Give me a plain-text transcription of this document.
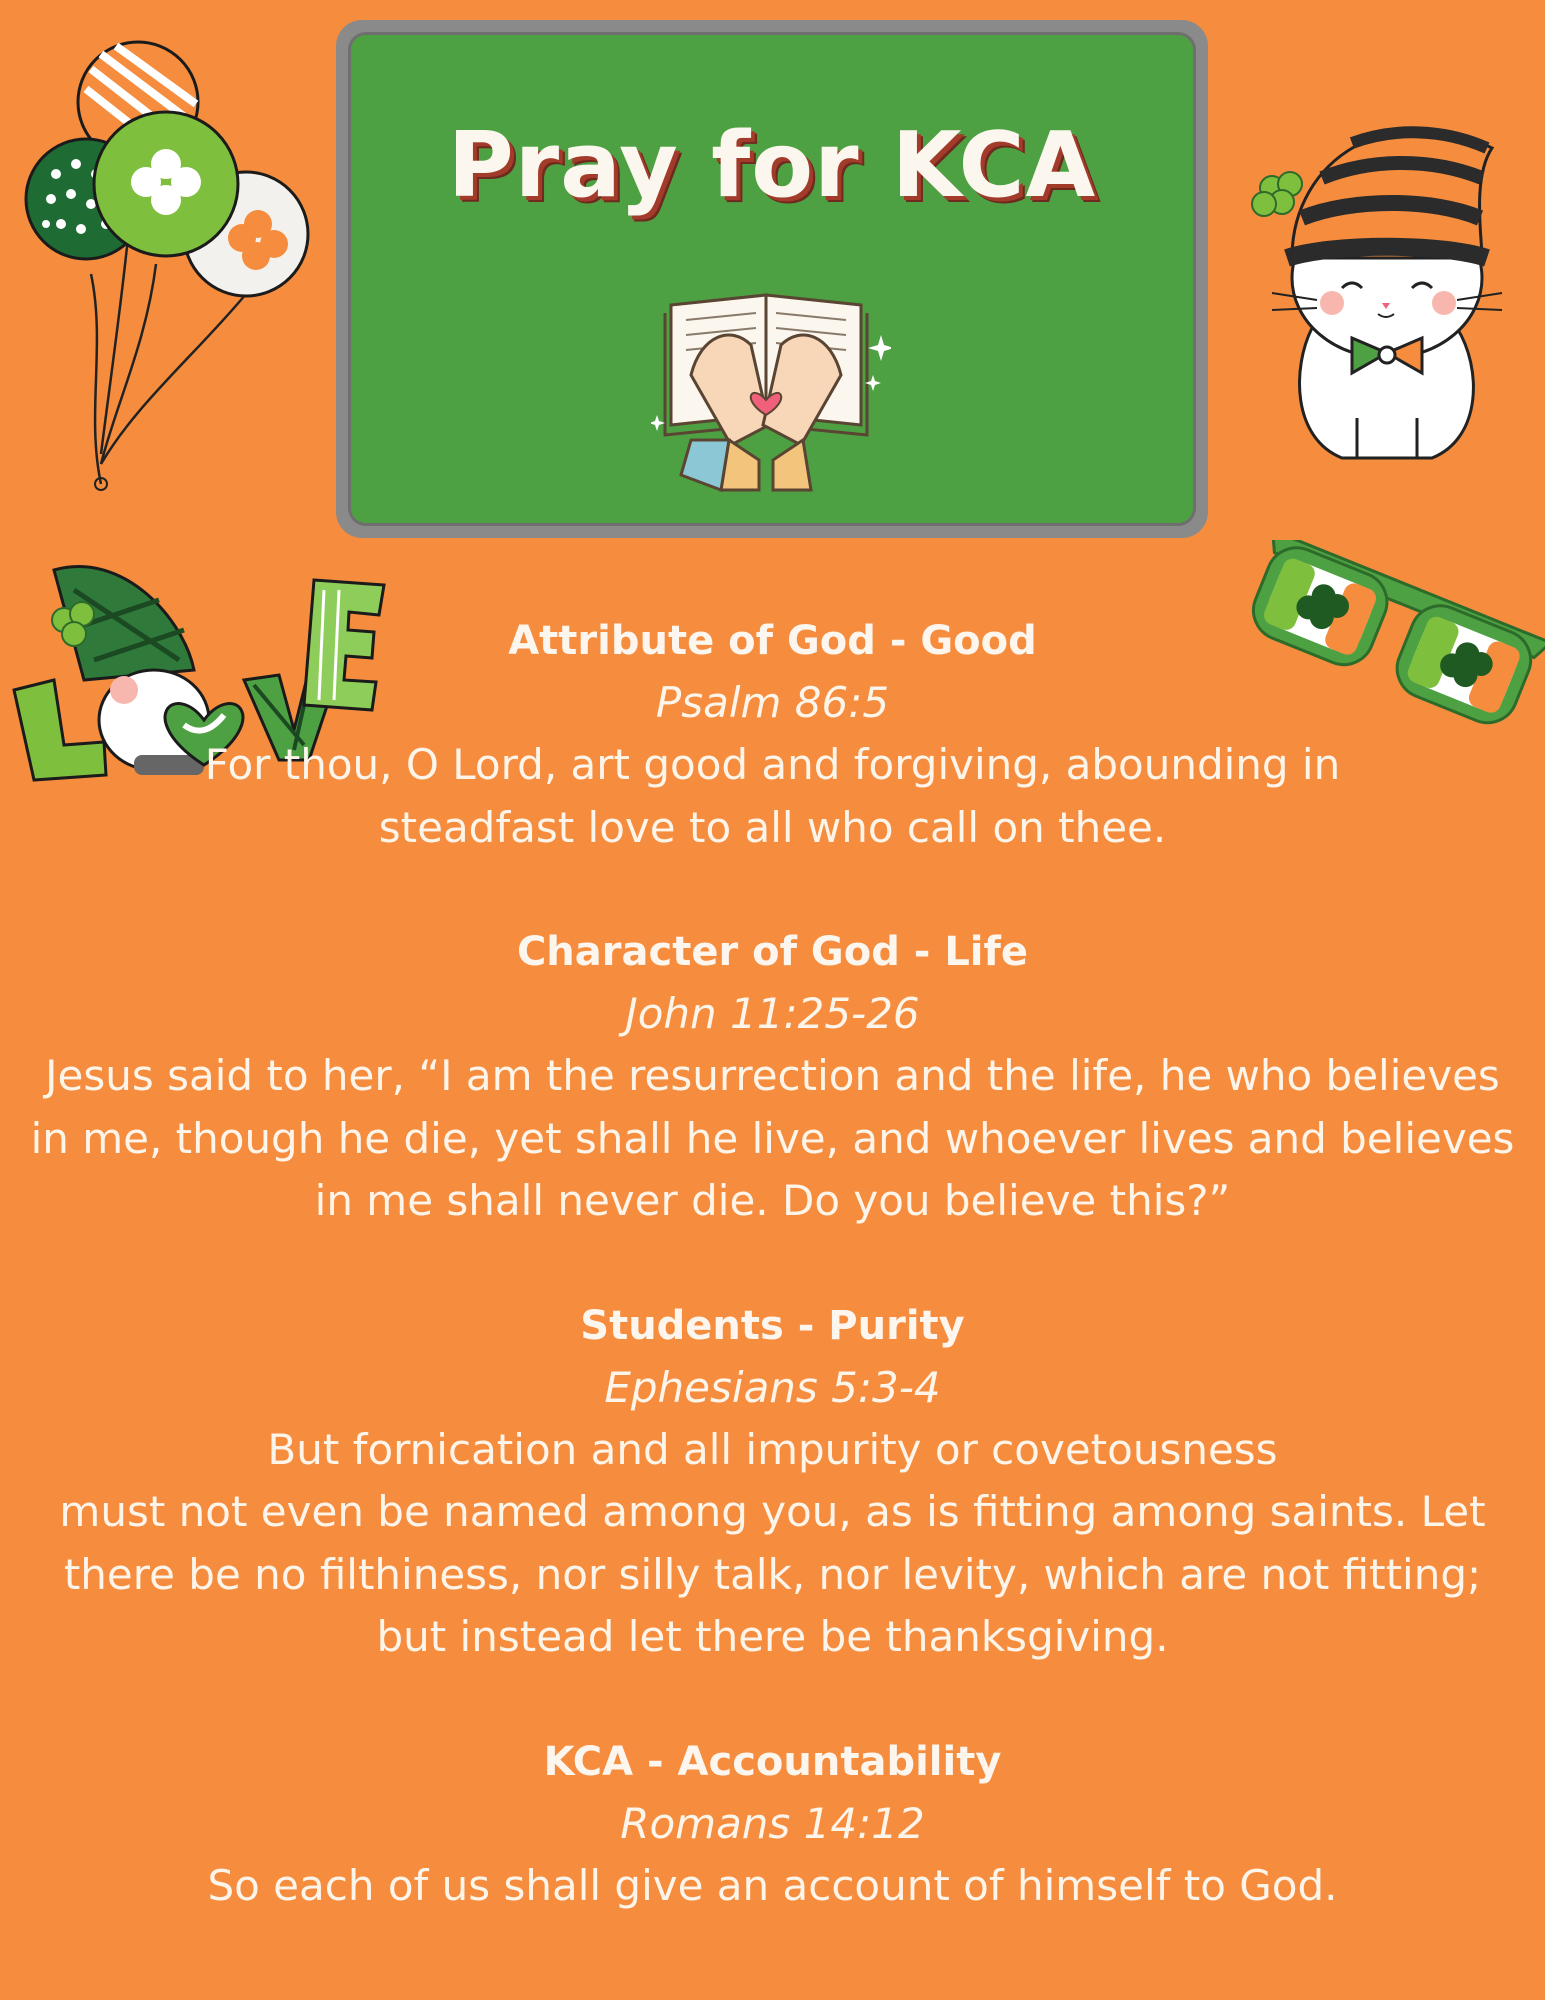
Pray for KCA
Attribute of God - Good
Psalm 86:5
For thou, O Lord, art good and forgiving, abounding in
steadfast love to all who call on thee.
Character of God - Life
John 11:25-26
Jesus said to her, “I am the resurrection and the life, he who believes
in me, though he die, yet shall he live, and whoever lives and believes
in me shall never die. Do you believe this?”
Students - Purity
Ephesians 5:3-4
But fornication and all impurity or covetousness
must not even be named among you, as is fitting among saints. Let
there be no filthiness, nor silly talk, nor levity, which are not fitting;
but instead let there be thanksgiving.
KCA - Accountability
Romans 14:12
So each of us shall give an account of himself to God.
